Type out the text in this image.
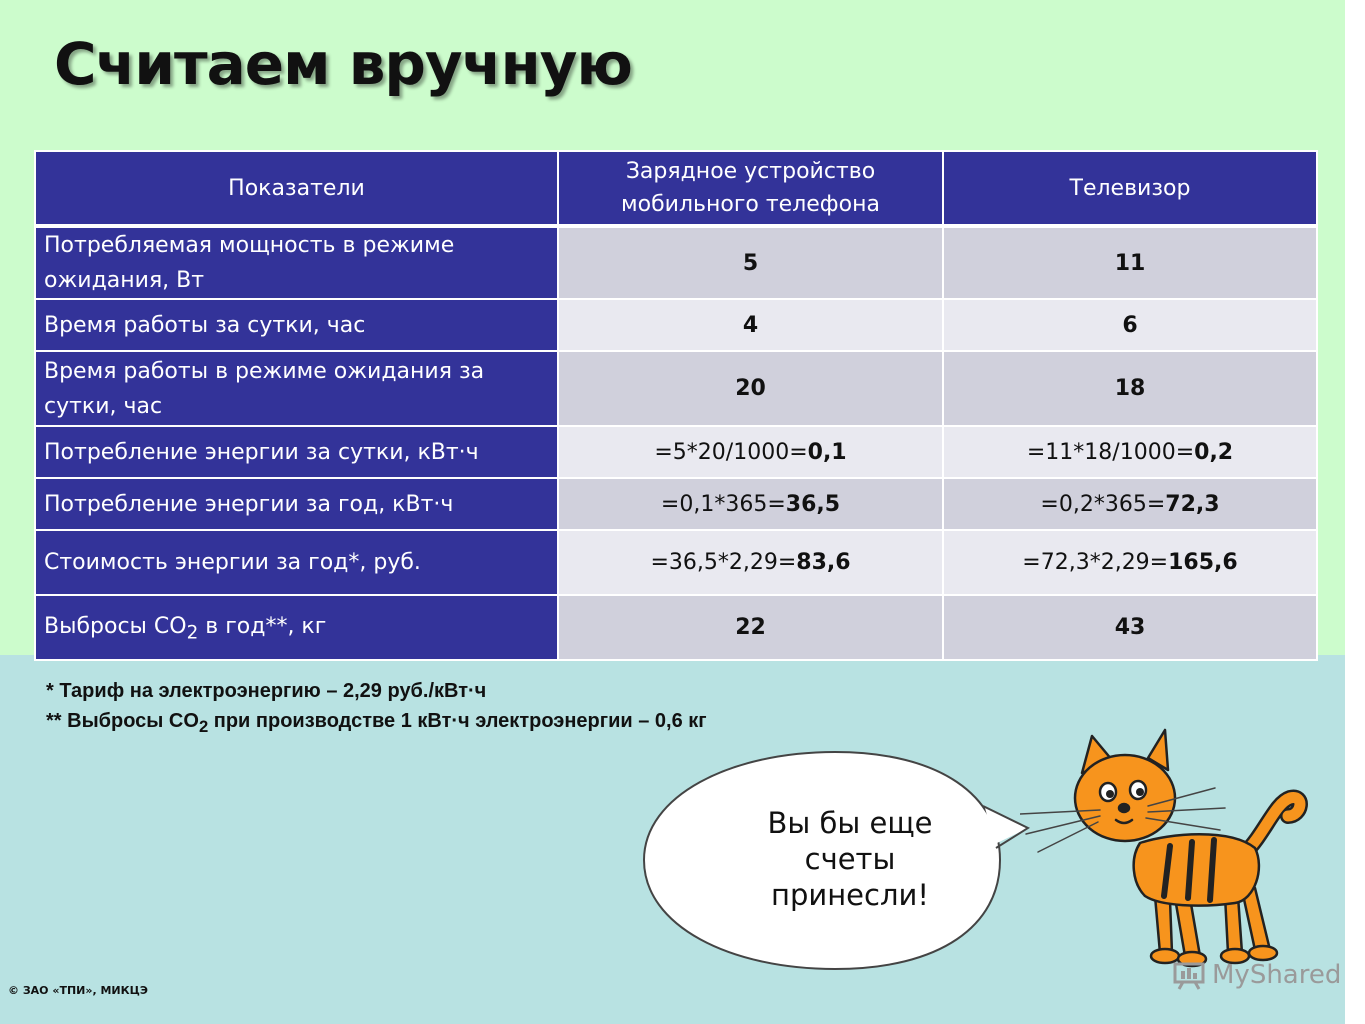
Считаем вручную
Показатели	Зарядное устройство мобильного телефона	Телевизор
Потребляемая мощность в режиме ожидания, Вт	5	11
Время работы за сутки, час	4	6
Время работы в режиме ожидания за сутки, час	20	18
Потребление энергии за сутки, кВт·ч	=5*20/1000=0,1	=11*18/1000=0,2
Потребление энергии за год, кВт·ч	=0,1*365=36,5	=0,2*365=72,3
Стоимость энергии за год*, руб.	=36,5*2,29=83,6	=72,3*2,29=165,6
Выбросы $CO_2$ в год**, кг	22	43

* Тариф на электроэнергию – 2,29 руб./кВт·ч

** Выбросы $CO_2$ при производстве 1 кВт·ч электроэнергии – 0,6 кг

Вы бы еще
счеты
принесли!
© ЗАО «ТПИ», МИКЦЭ
MyShared
